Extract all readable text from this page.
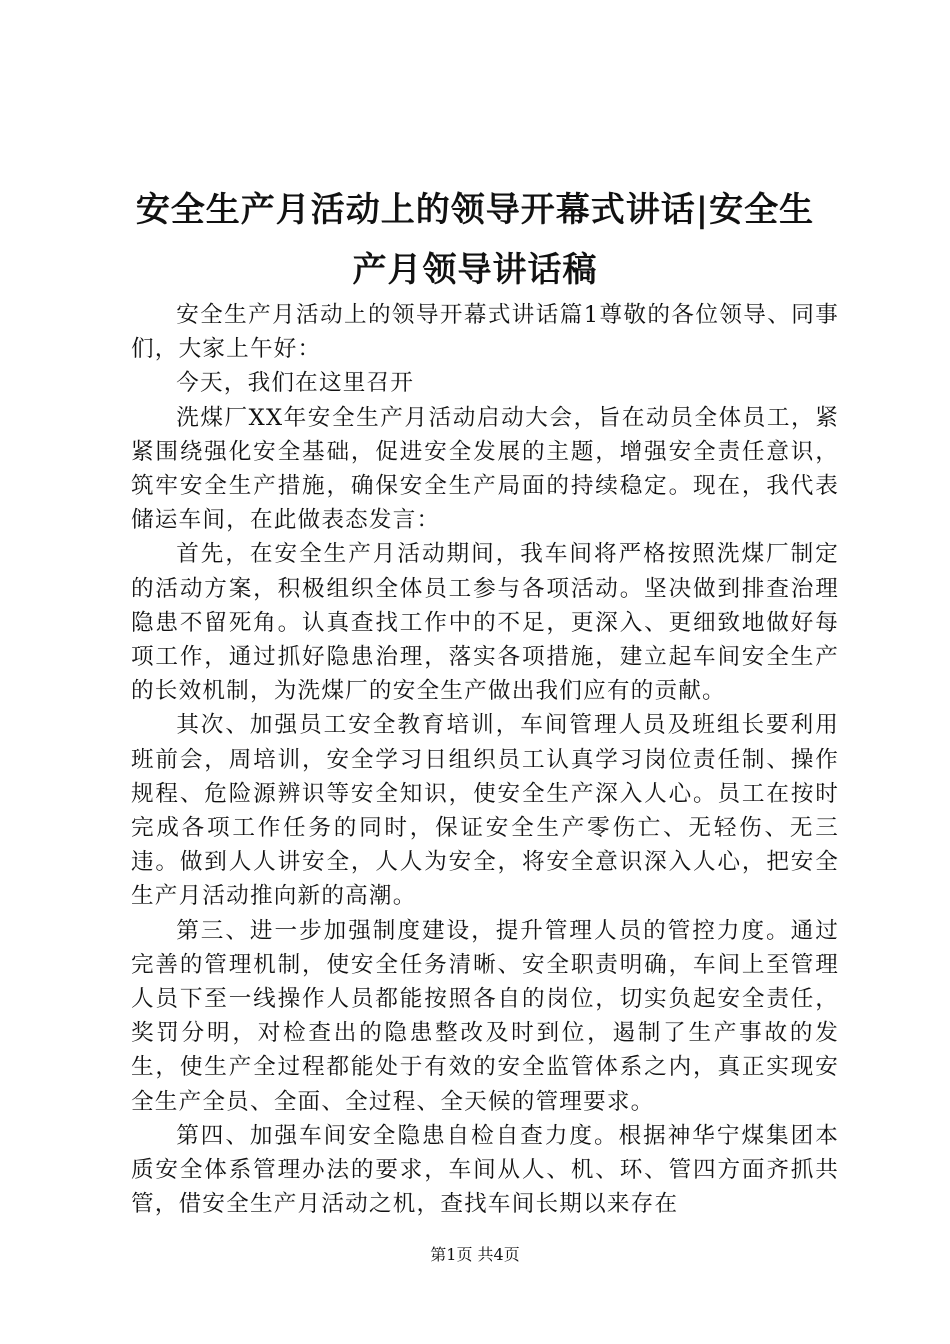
安全生产月活动上的领导开幕式讲话|安全生
产月领导讲话稿

安全生产月活动上的领导开幕式讲话篇1尊敬的各位领导、同事们，大家上午好：

今天，我们在这里召开

洗煤厂XX年安全生产月活动启动大会，旨在动员全体员工，紧紧围绕强化安全基础，促进安全发展的主题，增强安全责任意识，筑牢安全生产措施，确保安全生产局面的持续稳定。现在，我代表储运车间，在此做表态发言：

首先，在安全生产月活动期间，我车间将严格按照洗煤厂制定的活动方案，积极组织全体员工参与各项活动。坚决做到排查治理隐患不留死角。认真查找工作中的不足，更深入、更细致地做好每项工作，通过抓好隐患治理，落实各项措施，建立起车间安全生产的长效机制，为洗煤厂的安全生产做出我们应有的贡献。

其次、加强员工安全教育培训，车间管理人员及班组长要利用班前会，周培训，安全学习日组织员工认真学习岗位责任制、操作规程、危险源辨识等安全知识，使安全生产深入人心。员工在按时完成各项工作任务的同时，保证安全生产零伤亡、无轻伤、无三违。做到人人讲安全，人人为安全，将安全意识深入人心，把安全生产月活动推向新的高潮。

第三、进一步加强制度建设，提升管理人员的管控力度。通过完善的管理机制，使安全任务清晰、安全职责明确，车间上至管理人员下至一线操作人员都能按照各自的岗位，切实负起安全责任，奖罚分明，对检查出的隐患整改及时到位，遏制了生产事故的发生，使生产全过程都能处于有效的安全监管体系之内，真正实现安全生产全员、全面、全过程、全天候的管理要求。

第四、加强车间安全隐患自检自查力度。根据神华宁煤集团本质安全体系管理办法的要求，车间从人、机、环、管四方面齐抓共管，借安全生产月活动之机，查找车间长期以来存在

第1页 共4页
